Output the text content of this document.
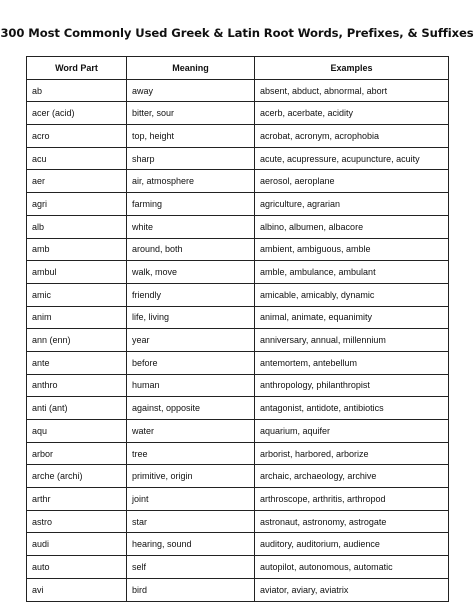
300 Most Commonly Used Greek & Latin Root Words, Prefixes, & Suffixes
Word Part	Meaning	Examples
ab	away	absent, abduct, abnormal, abort
acer (acid)	bitter, sour	acerb, acerbate, acidity
acro	top, height	acrobat, acronym, acrophobia
acu	sharp	acute, acupressure, acupuncture, acuity
aer	air, atmosphere	aerosol, aeroplane
agri	farming	agriculture, agrarian
alb	white	albino, albumen, albacore
amb	around, both	ambient, ambiguous, amble
ambul	walk, move	amble, ambulance, ambulant
amic	friendly	amicable, amicably, dynamic
anim	life, living	animal, animate, equanimity
ann (enn)	year	anniversary, annual, millennium
ante	before	antemortem, antebellum
anthro	human	anthropology, philanthropist
anti (ant)	against, opposite	antagonist, antidote, antibiotics
aqu	water	aquarium, aquifer
arbor	tree	arborist, harbored, arborize
arche (archi)	primitive, origin	archaic, archaeology, archive
arthr	joint	arthroscope, arthritis, arthropod
astro	star	astronaut, astronomy, astrogate
audi	hearing, sound	auditory, auditorium, audience
auto	self	autopilot, autonomous, automatic
avi	bird	aviator, aviary, aviatrix
